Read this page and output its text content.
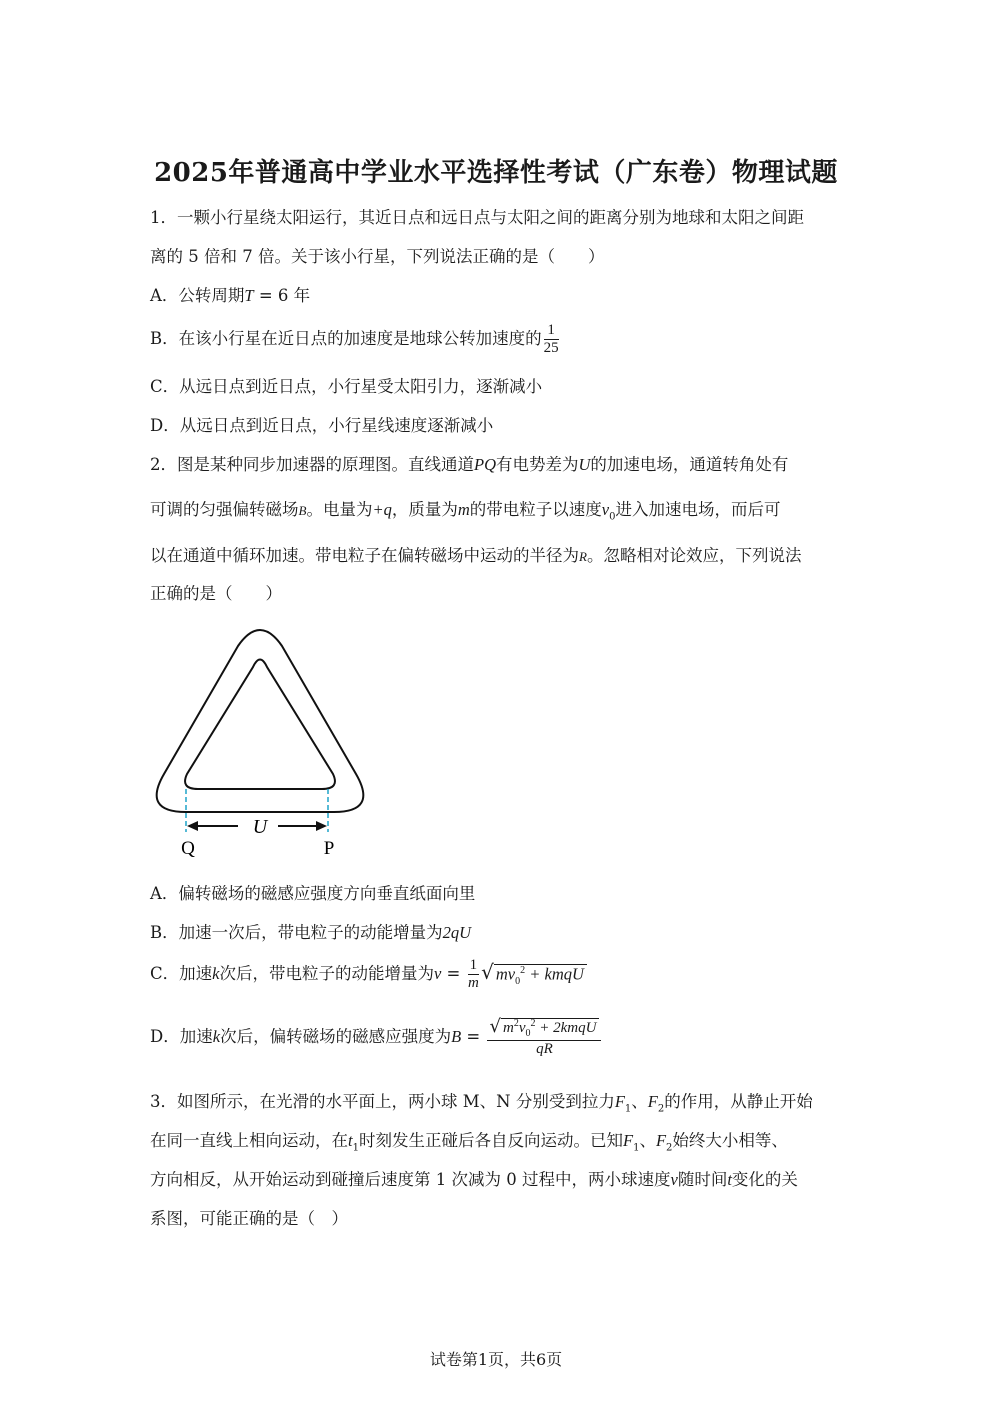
2025年普通高中学业水平选择性考试（广东卷）物理试题
1．一颗小行星绕太阳运行，其近日点和远日点与太阳之间的距离分别为地球和太阳之间距
离的 5 倍和 7 倍。关于该小行星，下列说法正确的是（　　）
A．公转周期T = 6 年
B．在该小行星在近日点的加速度是地球公转加速度的 $\frac{1}{25}$
C．从远日点到近日点，小行星受太阳引力，逐渐减小
D．从远日点到近日点，小行星线速度逐渐减小
2．图是某种同步加速器的原理图。直线通道PQ有电势差为U的加速电场，通道转角处有
可调的匀强偏转磁场B。电量为+q，质量为m的带电粒子以速度$v_0$进入加速电场，而后可
以在通道中循环加速。带电粒子在偏转磁场中运动的半径为R。忽略相对论效应，下列说法
正确的是（　　）
U
Q	P
A．偏转磁场的磁感应强度方向垂直纸面向里
B．加速一次后，带电粒子的动能增量为2qU
C．加速k次后，带电粒子的动能增量为$v = \frac{1}{m}$ √ $mv_0^2$ + kmqU
D．加速k次后，偏转磁场的磁感应强度为$B = \frac{√ m^2v_0^2 + 2kmqU}{qR}$
3．如图所示，在光滑的水平面上，两小球 M、N 分别受到拉力$F_1$、$F_2$的作用，从静止开始
在同一直线上相向运动，在$t_1$时刻发生正碰后各自反向运动。已知$F_1$、$F_2$始终大小相等、
方向相反，从开始运动到碰撞后速度第 1 次减为 0 过程中，两小球速度v随时间t变化的关
系图，可能正确的是（　）
试卷第1页，共6页
